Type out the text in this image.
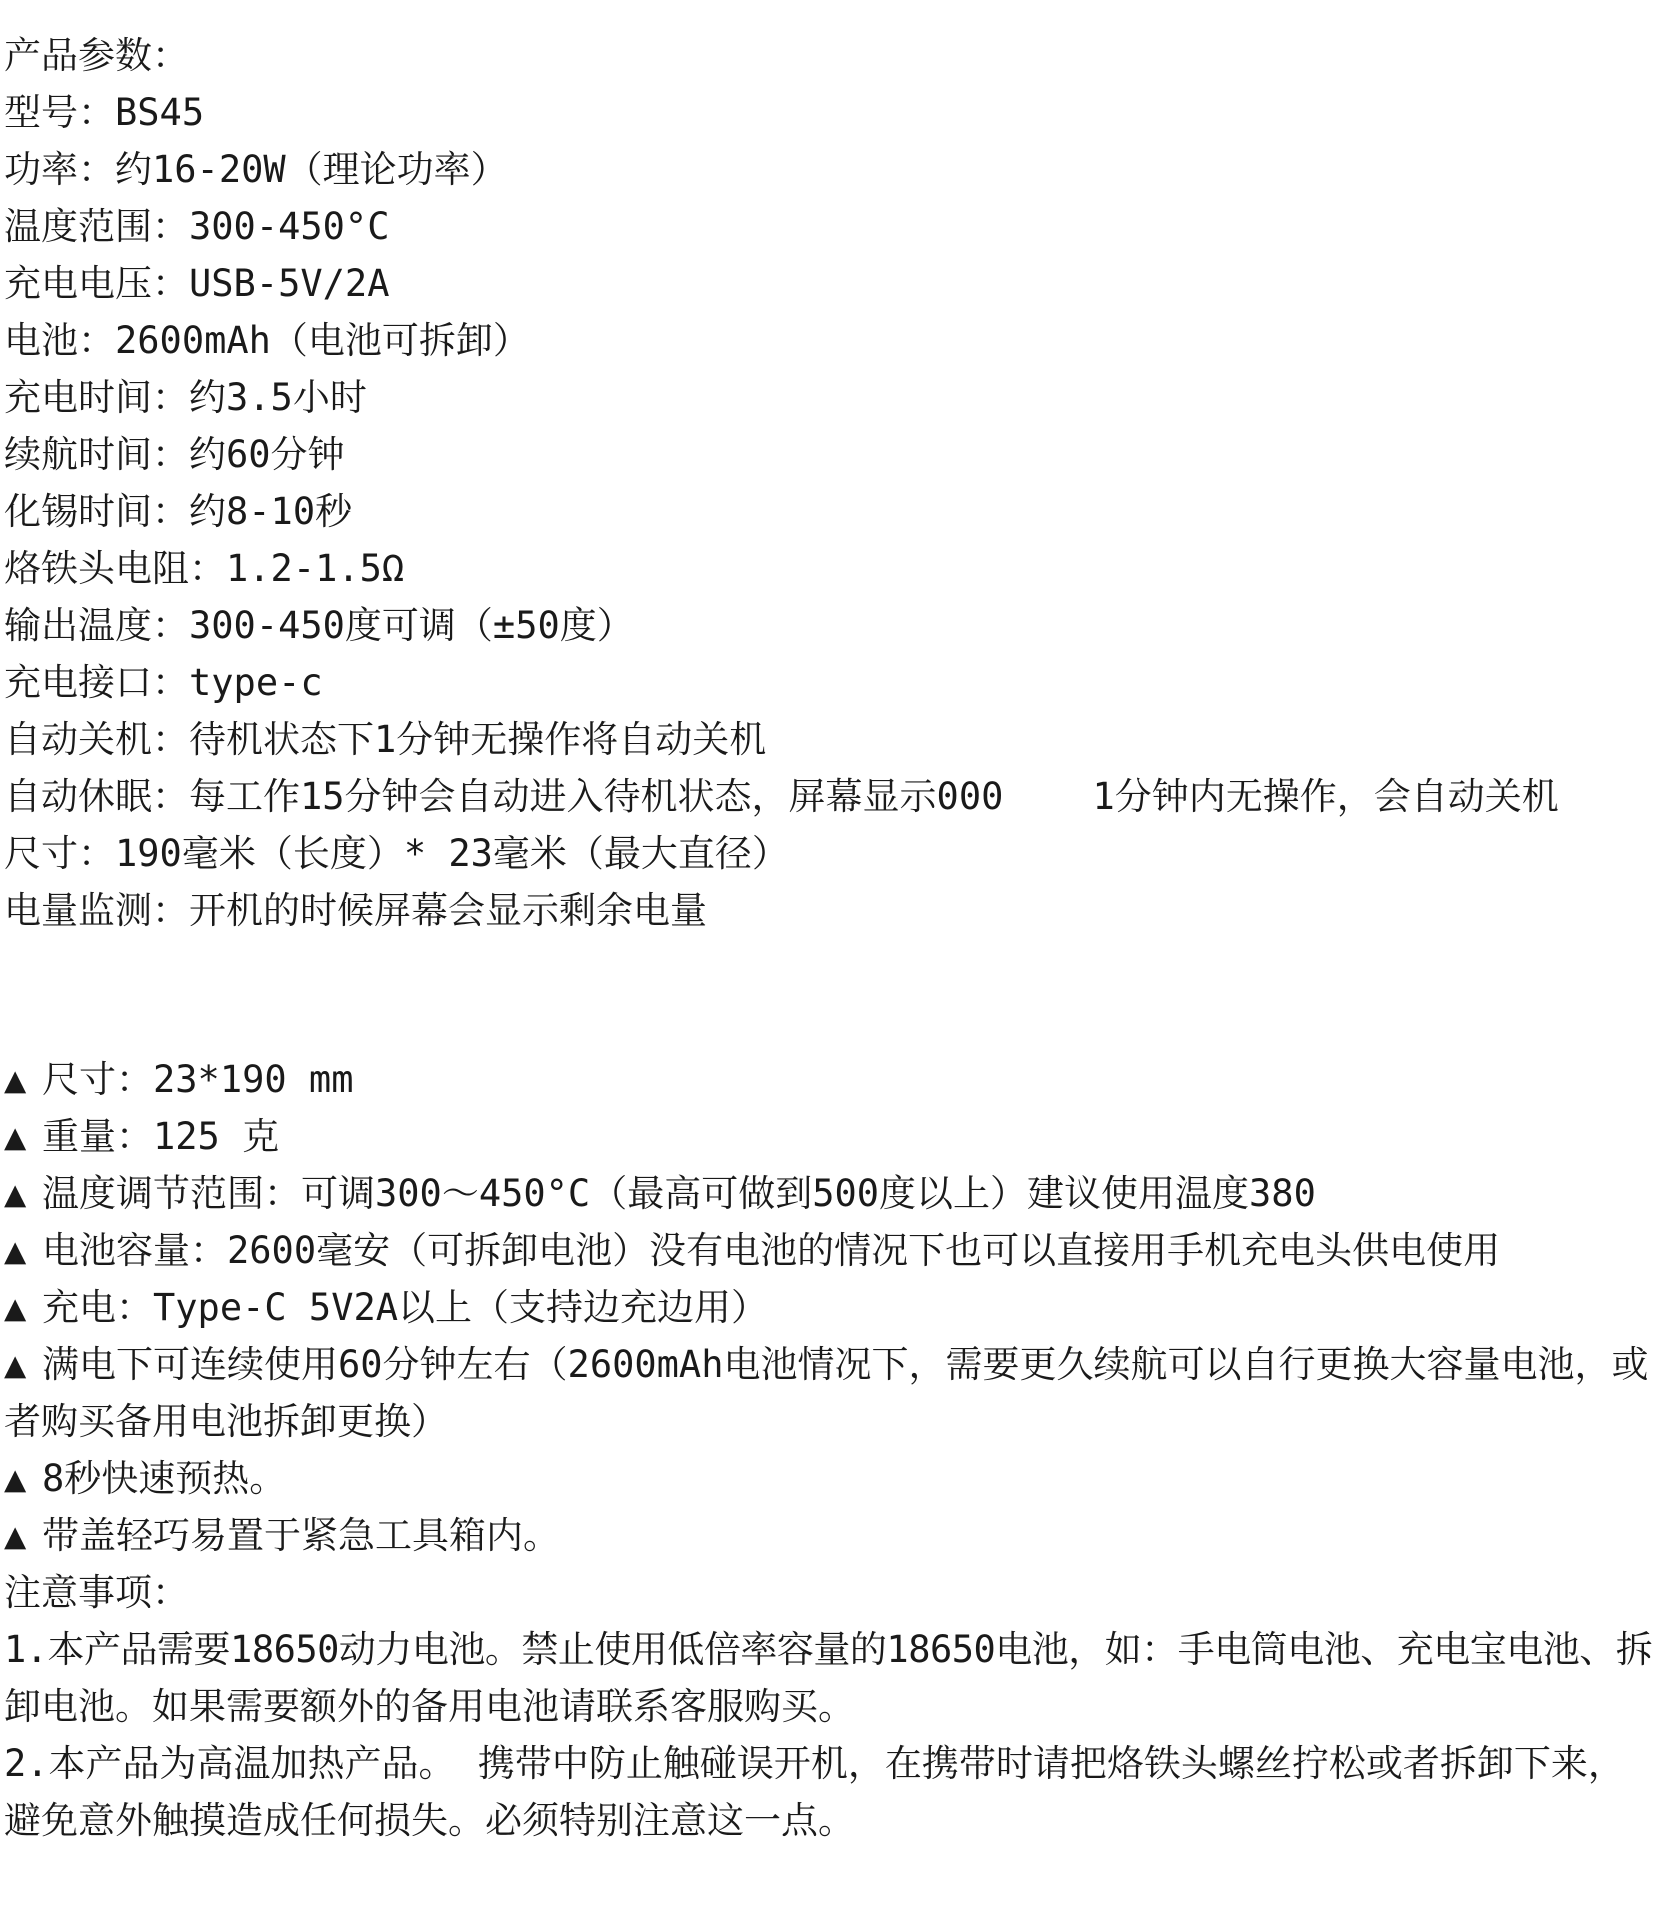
产品参数：
型号：BS45
功率：约16-20W（理论功率）
温度范围：300-450°C
充电电压：USB-5V/2A
电池：2600mAh（电池可拆卸）
充电时间：约3.5小时
续航时间：约60分钟
化锡时间：约8-10秒
烙铁头电阻：1.2-1.5Ω
输出温度：300-450度可调（±50度）
充电接口：type-c
自动关机：待机状态下1分钟无操作将自动关机
自动休眠：每工作15分钟会自动进入待机状态，屏幕显示000    1分钟内无操作，会自动关机
尺寸：190毫米（长度）* 23毫米（最大直径）
电量监测：开机的时候屏幕会显示剩余电量
▲ 尺寸：23*190 mm
▲ 重量：125 克
▲ 温度调节范围：可调300～450°C（最高可做到500度以上）建议使用温度380
▲ 电池容量：2600毫安（可拆卸电池）没有电池的情况下也可以直接用手机充电头供电使用
▲ 充电：Type-C 5V2A以上（支持边充边用）
▲ 满电下可连续使用60分钟左右（2600mAh电池情况下，需要更久续航可以自行更换大容量电池，或
者购买备用电池拆卸更换）
▲ 8秒快速预热。
▲ 带盖轻巧易置于紧急工具箱内。
注意事项：
1.本产品需要18650动力电池。禁止使用低倍率容量的18650电池，如：手电筒电池、充电宝电池、拆
卸电池。如果需要额外的备用电池请联系客服购买。
2.本产品为高温加热产品。 携带中防止触碰误开机，在携带时请把烙铁头螺丝拧松或者拆卸下来，
避免意外触摸造成任何损失。必须特别注意这一点。
